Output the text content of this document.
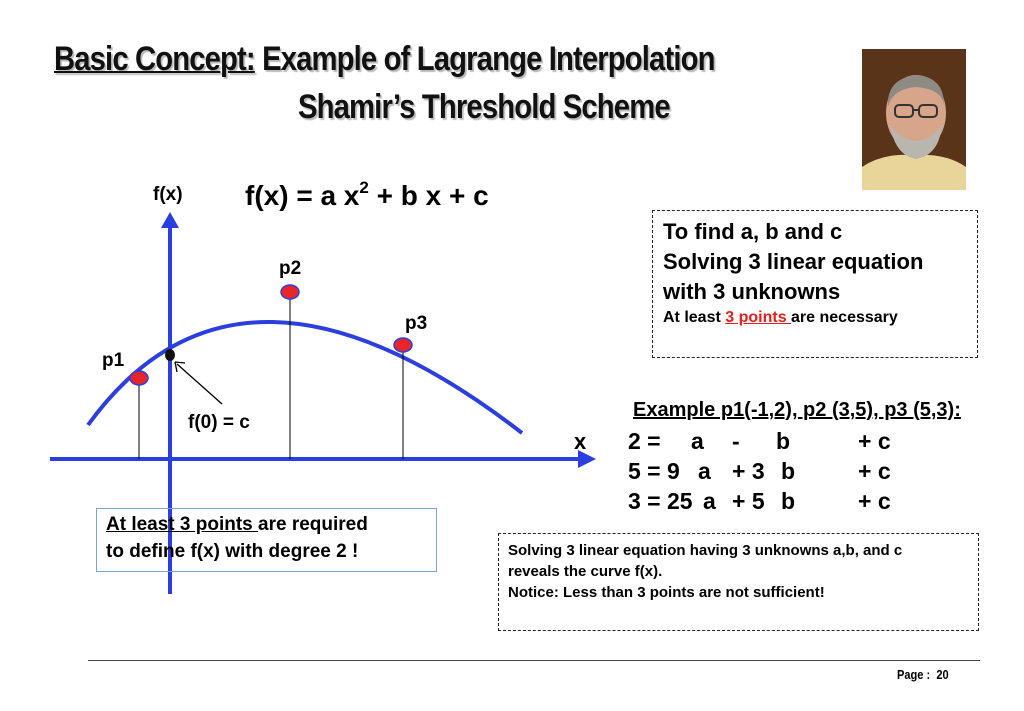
Basic Concept: Example of Lagrange Interpolation
Shamir’s Threshold Scheme
f(x) f(x) = a $x^2 + b$ x + c
p2
p3
p1
f(0) = c
x
To find a, b and c
Solving 3 linear equation
with 3 unknowns
At least 3 points are necessary
Example p1(-1,2), p2 (3,5), p3 (5,3):
2 = a - b	+ c
5 = 9 a + 3 b	+ c
3 = 25 a + 5 b	+ c
At least 3 points are required
to define f(x) with degree 2 !	Solving 3 linear equation having 3 unknowns a,b, and c
reveals the curve f(x).
Notice: Less than 3 points are not sufficient!
Page : 20
